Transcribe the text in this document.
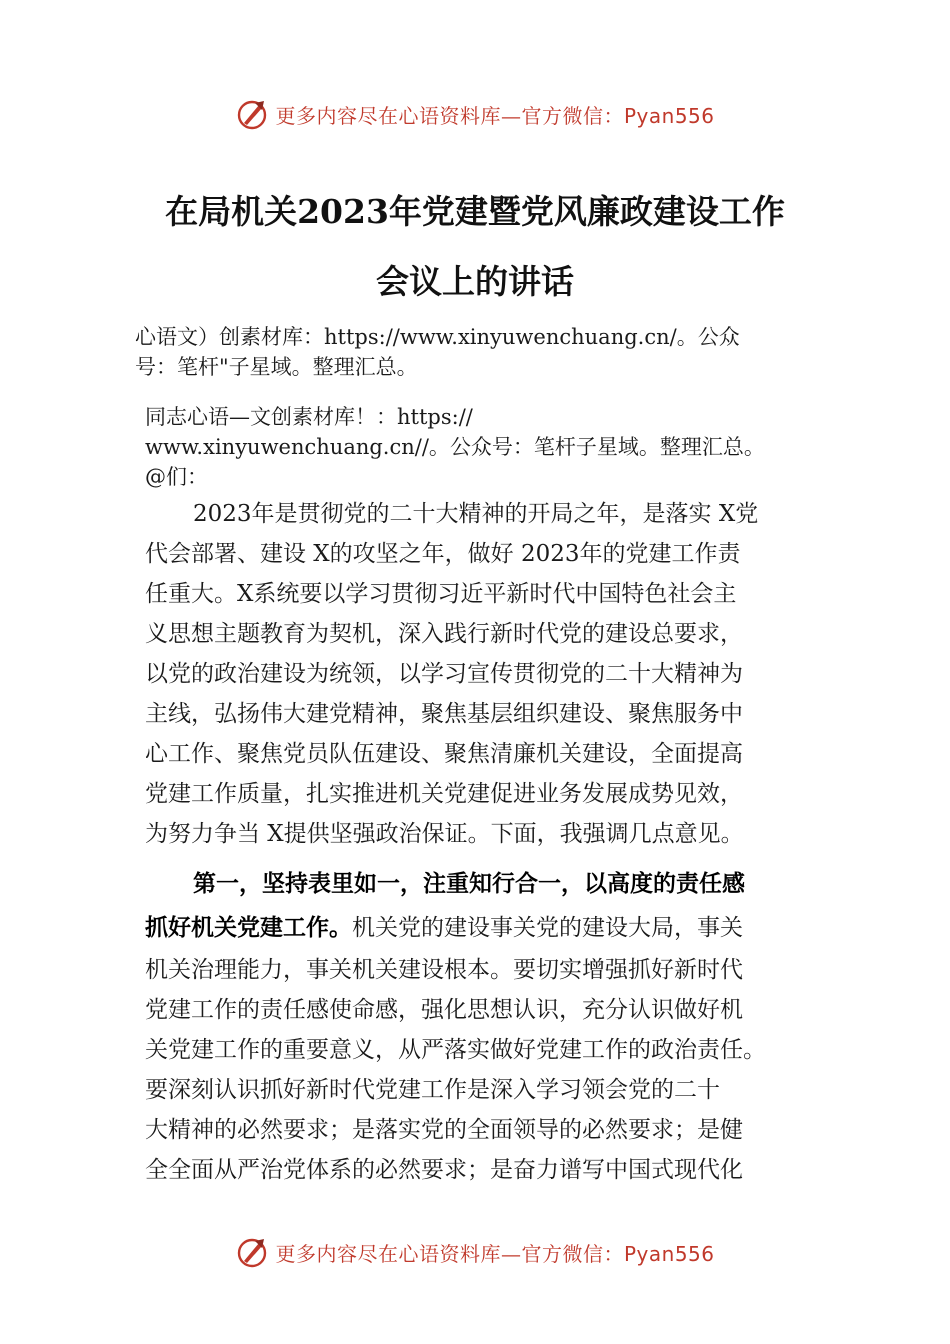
更多内容尽在心语资料库—官方微信：Pyan556
在局机关2023年党建暨党风廉政建设工作
会议上的讲话
心语文）创素材库：https://www.xinyuwenchuang.cn/。公众
号：笔杆"子星域。整理汇总。
同志心语—文创素材库！：https://
www.xinyuwenchuang.cn//。公众号：笔杆子星域。整理汇总。
@们：
2023年是贯彻党的二十大精神的开局之年，是落实 X党
代会部署、建设 X的攻坚之年，做好 2023年的党建工作责
任重大。X系统要以学习贯彻习近平新时代中国特色社会主
义思想主题教育为契机，深入践行新时代党的建设总要求，
以党的政治建设为统领，以学习宣传贯彻党的二十大精神为
主线，弘扬伟大建党精神，聚焦基层组织建设、聚焦服务中
心工作、聚焦党员队伍建设、聚焦清廉机关建设，全面提高
党建工作质量，扎实推进机关党建促进业务发展成势见效，
为努力争当 X提供坚强政治保证。下面，我强调几点意见。
第一，坚持表里如一，注重知行合一，以高度的责任感
抓好机关党建工作。机关党的建设事关党的建设大局，事关
机关治理能力，事关机关建设根本。要切实增强抓好新时代
党建工作的责任感使命感，强化思想认识，充分认识做好机
关党建工作的重要意义，从严落实做好党建工作的政治责任。
要深刻认识抓好新时代党建工作是深入学习领会党的二十
大精神的必然要求；是落实党的全面领导的必然要求；是健
全全面从严治党体系的必然要求；是奋力谱写中国式现代化
更多内容尽在心语资料库—官方微信：Pyan556
